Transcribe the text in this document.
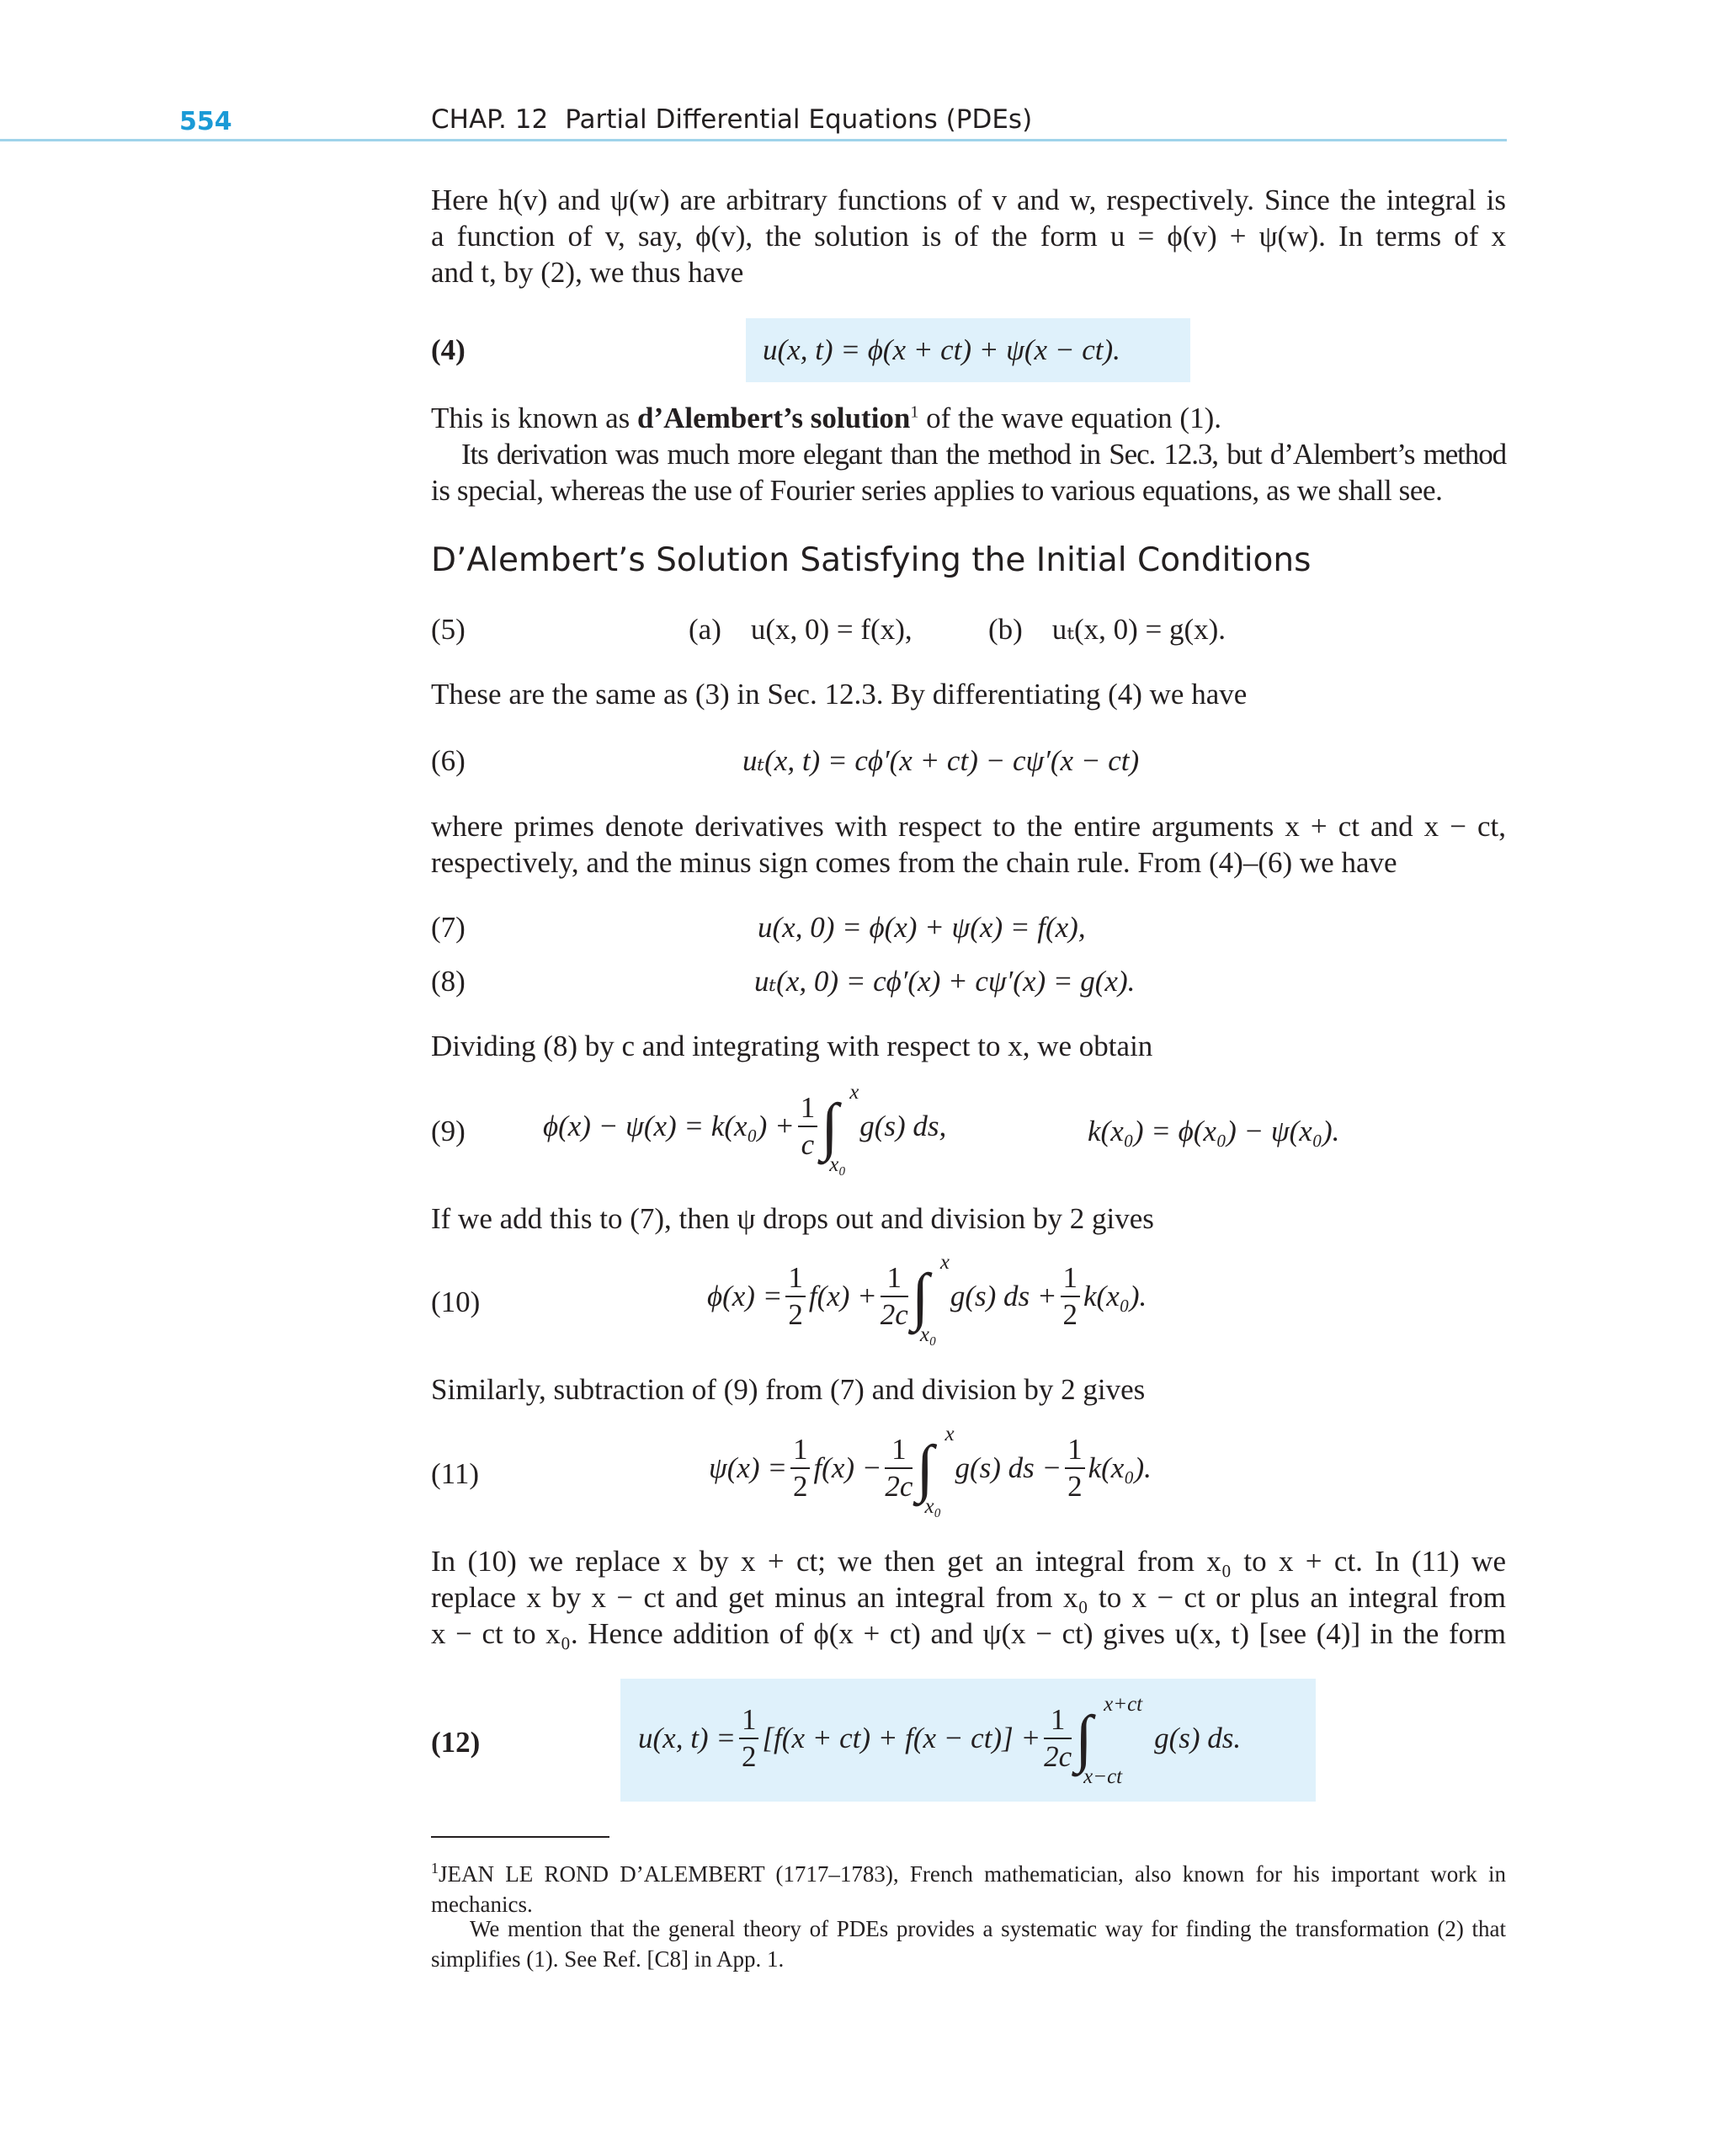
554	CHAP. 12 Partial Differential Equations (PDEs)
Here h(v) and ψ(w) are arbitrary functions of v and w, respectively. Since the integral is
a function of v, say, ϕ(v), the solution is of the form u = ϕ(v) + ψ(w). In terms of x
and t, by (2), we thus have
(4)	u(x, t) = ϕ(x + ct) + ψ(x − ct).
This is known as d’Alembert’s solution$^1$ of the wave equation (1).
Its derivation was much more elegant than the method in Sec. 12.3, but d’Alembert’s method
is special, whereas the use of Fourier series applies to various equations, as we shall see.
D’Alembert’s Solution Satisfying the Initial Conditions
(5)	(a)    u(x, 0) = f(x),	(b)    uₜ(x, 0) = g(x).
These are the same as (3) in Sec. 12.3. By differentiating (4) we have
(6)	uₜ(x, t) = cϕ′(x + ct) − cψ′(x − ct)
where primes denote derivatives with respect to the entire arguments x + ct and x − ct,
respectively, and the minus sign comes from the chain rule. From (4)–(6) we have
(7)	u(x, 0) = ϕ(x) + ψ(x) = f(x),
(8)	uₜ(x, 0) = cϕ′(x) + cψ′(x) = g(x).
Dividing (8) by c and integrating with respect to x, we obtain
(9)	$\phi(x) - \psi(x) = k(x_0) + \frac{1}{c}$ ∫ x
x₀
g(s) ds,	k(x₀) = ϕ(x₀) − ψ(x₀).
If we add this to (7), then ψ drops out and division by 2 gives
(10)	$\phi(x) = \frac{1}{2} f(x) + \frac{1}{2c}$ ∫ x
x₀
g(s) ds + $\frac{1}{2} k(x_0)$.
Similarly, subtraction of (9) from (7) and division by 2 gives
(11)	$\psi(x) = \frac{1}{2} f(x) - \frac{1}{2c}$ ∫ x
x₀
g(s) ds − $\frac{1}{2} k(x_0)$.
In (10) we replace x by x + ct; we then get an integral from x₀ to x + ct. In (11) we
replace x by x − ct and get minus an integral from x₀ to x − ct or plus an integral from
x − ct to x₀. Hence addition of ϕ(x + ct) and ψ(x − ct) gives u(x, t) [see (4)] in the form
(12)	u(x, $t) = \frac{1}{2} [f(x + ct) + f(x - ct)] + \frac{1}{2c}$ ∫ x+ct
x−ct
g(s) ds.
$^1$JEAN LE ROND D’ALEMBERT (1717–1783), French mathematician, also known for his important work in mechanics.
We mention that the general theory of PDEs provides a systematic way for finding the transformation (2) that simplifies (1). See Ref. [C8] in App. 1.
